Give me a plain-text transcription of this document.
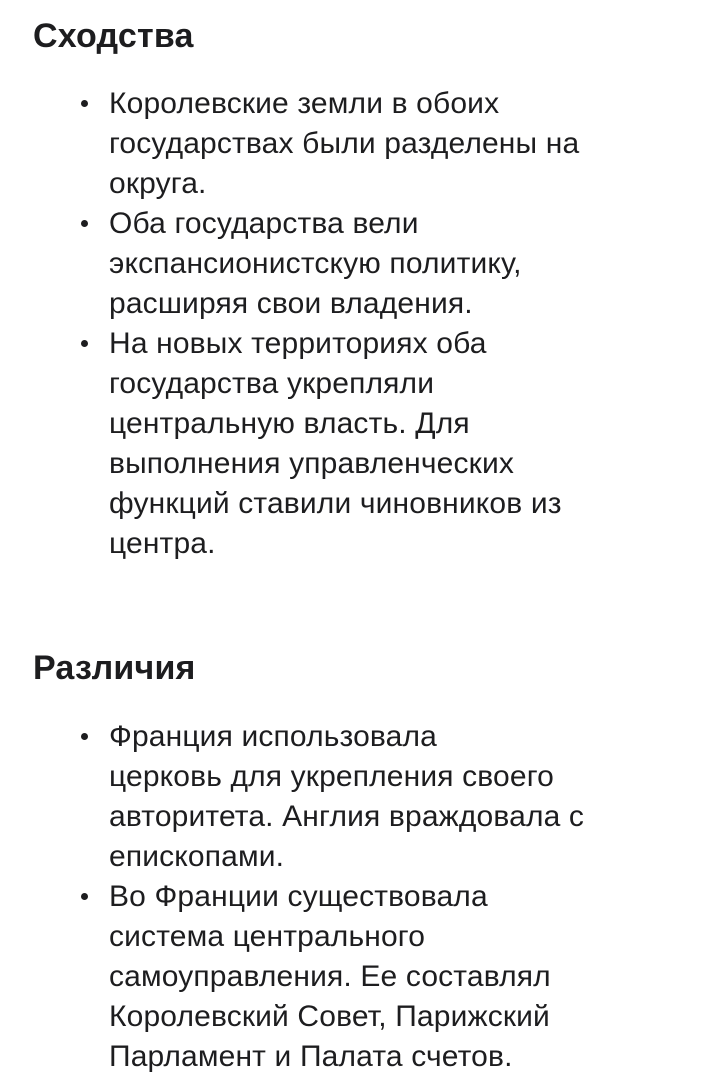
Сходства
Королевские земли в обоих
государствах были разделены на
округа.
Оба государства вели
экспансионистскую политику,
расширяя свои владения.
На новых территориях оба
государства укрепляли
центральную власть. Для
выполнения управленческих
функций ставили чиновников из
центра.
Различия
Франция использовала
церковь для укрепления своего
авторитета. Англия враждовала с
епископами.
Во Франции существовала
система центрального
самоуправления. Ее составлял
Королевский Совет, Парижский
Парламент и Палата счетов.
